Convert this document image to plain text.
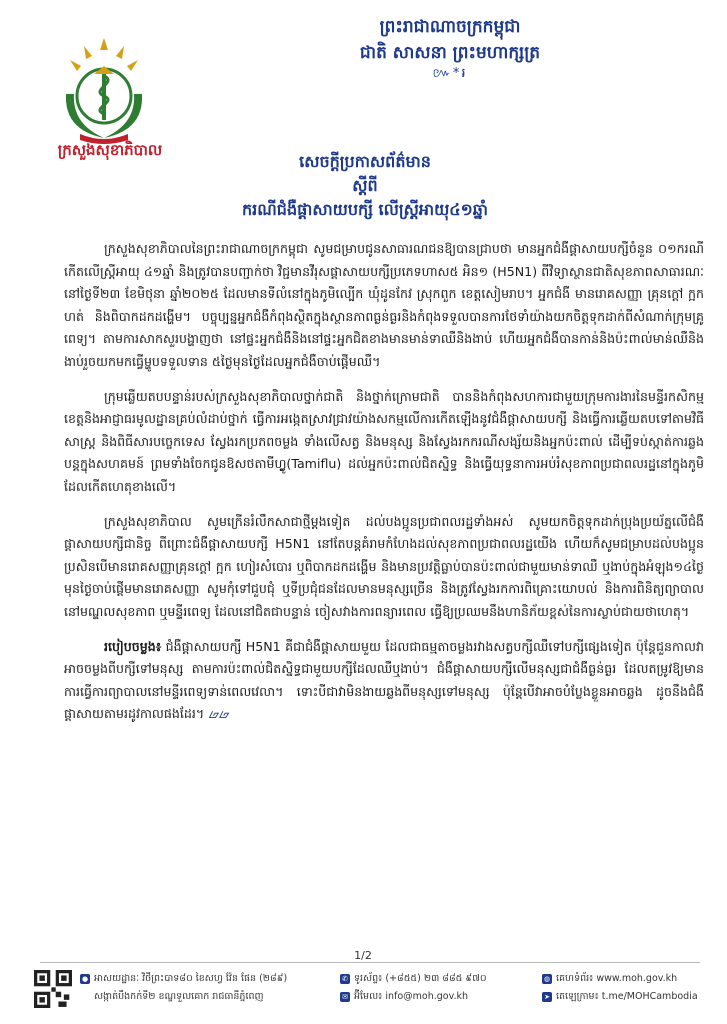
ព្រះរាជាណាចក្រកម្ពុជា
ជាតិ សាសនា ព្រះមហាក្សត្រ
៚*៛
ក្រសួងសុខាភិបាល
សេចក្តីប្រកាសព័ត៌មាន
ស្តីពី
ករណីជំងឺផ្តាសាយបក្សី លើស្ត្រីអាយុ៤១ឆ្នាំ

ក្រសួងសុខាភិបាលនៃព្រះរាជាណាចក្រកម្ពុជា សូមជម្រាបជូនសាធារណជនឱ្យបានជ្រាបថា មានអ្នកជំងឺផ្តាសាយបក្សីចំនួន ០១ករណី កើតលើស្ត្រីអាយុ ៤១ឆ្នាំ និងត្រូវបានបញ្ជាក់ថា វិជ្ជមានវីរុសផ្តាសាយបក្សីប្រភេទហាស៥ អិន១ (H5N1) ពីវិទ្យាស្ថានជាតិសុខភាពសាធារណៈ នៅថ្ងៃទី២៣ ខែមិថុនា ឆ្នាំ២០២៥ ដែលមានទីលំនៅក្នុងភូមិល្បើក ឃុំដូនកែវ ស្រុកពួក ខេត្តសៀមរាប។ អ្នកជំងឺ មានរោគសញ្ញា គ្រុនក្តៅ ក្អក ហត់ និងពិបាកដកដង្ហើម។ បច្ចុប្បន្នអ្នកជំងឺកំពុងស្ថិតក្នុងស្ថានភាពធ្ងន់ធ្ងរនិងកំពុងទទួលបានការថែទាំយ៉ាងយកចិត្តទុកដាក់ពីសំណាក់ក្រុមគ្រូពេទ្យ។ តាមការសាកសួរបង្ហាញថា នៅផ្ទះអ្នកជំងឺនិងនៅផ្ទះអ្នកជិតខាងមានមាន់ទាឈឺនិងងាប់ ហើយអ្នកជំងឺបានកាន់និងប៉ះពាល់មាន់ឈឺនិងងាប់រួចយកមកធ្វើម្ហូបទទួលទាន ៥ថ្ងៃមុនថ្ងៃដែលអ្នកជំងឺចាប់ផ្តើមឈឺ។

ក្រុមឆ្លើយតបបន្ទាន់របស់ក្រសួងសុខាភិបាលថ្នាក់ជាតិ និងថ្នាក់ក្រោមជាតិ បាននិងកំពុងសហការជាមួយក្រុមការងារនៃមន្ទីរកសិកម្មខេត្តនិងអាជ្ញាធរមូលដ្ឋានគ្រប់លំដាប់ថ្នាក់ ធ្វើការអង្កេតស្រាវជ្រាវយ៉ាងសកម្មលើការកើតឡើងនូវជំងឺផ្តាសាយបក្សី និងធ្វើការឆ្លើយតបទៅតាមវិធីសាស្ត្រ និងពិធីសារបច្ចេកទេស ស្វែងរកប្រភពចម្លង ទាំងលើសត្វ និងមនុស្ស និងស្វែងរកករណីសង្ស័យនិងអ្នកប៉ះពាល់ ដើម្បីទប់ស្កាត់ការឆ្លងបន្តក្នុងសហគមន៍ ព្រមទាំងចែកជូនឱសថតាមីហ្វ្លូ(Tamiflu) ដល់អ្នកប៉ះពាល់ជិតស្និទ្ធ និងធ្វើយុទ្ធនាការអប់រំសុខភាពប្រជាពលរដ្ឋនៅក្នុងភូមិដែលកើតហេតុខាងលើ។

ក្រសួងសុខាភិបាល សូមក្រើនរំលឹកសាជាថ្មីម្តងទៀត ដល់បងប្អូនប្រជាពលរដ្ឋទាំងអស់ សូមយកចិត្តទុកដាក់ប្រុងប្រយ័ត្នលើជំងឺផ្តាសាយបក្សីជានិច្ច ពីព្រោះជំងឺផ្តាសាយបក្សី H5N1 នៅតែបន្តគំរាមកំហែងដល់សុខភាពប្រជាពលរដ្ឋយើង ហើយក៏សូមជម្រាបដល់បងប្អូន ប្រសិនបើមានរោគសញ្ញាគ្រុនក្តៅ ក្អក ហៀរសំបោរ ឬពិបាកដកដង្ហើម និងមានប្រវត្តិធ្លាប់បានប៉ះពាល់ជាមួយមាន់ទាឈឺ ឬងាប់ក្នុងអំឡុង១៤ថ្ងៃមុនថ្ងៃចាប់ផ្តើមមានរោគសញ្ញា សូមកុំទៅជួបជុំ ឬទីប្រជុំជនដែលមានមនុស្សច្រើន និងត្រូវស្វែងរកការពិគ្រោះយោបល់ និងការពិនិត្យព្យាបាលនៅមណ្ឌលសុខភាព ឬមន្ទីរពេទ្យ ដែលនៅជិតជាបន្ទាន់ ចៀសវាងការពន្យារពេល ធ្វើឱ្យប្រឈមនឹងហានិភ័យខ្ពស់នៃការស្លាប់ជាយថាហេតុ។

របៀបចម្លង៖ ជំងឺផ្តាសាយបក្សី H5N1 គឺជាជំងឺផ្តាសាយមួយ ដែលជាធម្មតាចម្លងរវាងសត្វបក្សីឈឺទៅបក្សីផ្សេងទៀត ប៉ុន្តែជួនកាលវាអាចចម្លងពីបក្សីទៅមនុស្ស តាមការប៉ះពាល់ជិតស្និទ្ធជាមួយបក្សីដែលឈឺឬងាប់។ ជំងឺផ្តាសាយបក្សីលើមនុស្សជាជំងឺធ្ងន់ធ្ងរ ដែលតម្រូវឱ្យមានការធ្វើការព្យាបាលនៅមន្ទីរពេទ្យទាន់ពេលវេលា។ ទោះបីជាវាមិនងាយឆ្លងពីមនុស្សទៅមនុស្ស ប៉ុន្តែបើវាអាចបំប្លែងខ្លួនអាចឆ្លង ដូចនឹងជំងឺផ្តាសាយតាមរដូវកាលផងដែរ។ ᝏᝏ

1/2
● អាសយដ្ឋានៈ វិថីព្រះបាទ៨០ ខៃសហ្វ វ៉ែន ផែន (២៨៩)
សង្កាត់បឹងកក់ទី២ ខណ្ឌទួលគោក រាជធានីភ្នំពេញ
✆ ទូរស័ព្ទ៖ (+៨៥៥) ២៣ ៨៨៥ ៩៧០
✉ អ៊ីមែល៖ info@moh.gov.kh
◍ គេហទំព័រ៖ www.moh.gov.kh
➤ តេឡេក្រាម៖ t.me/MOHCambodia
